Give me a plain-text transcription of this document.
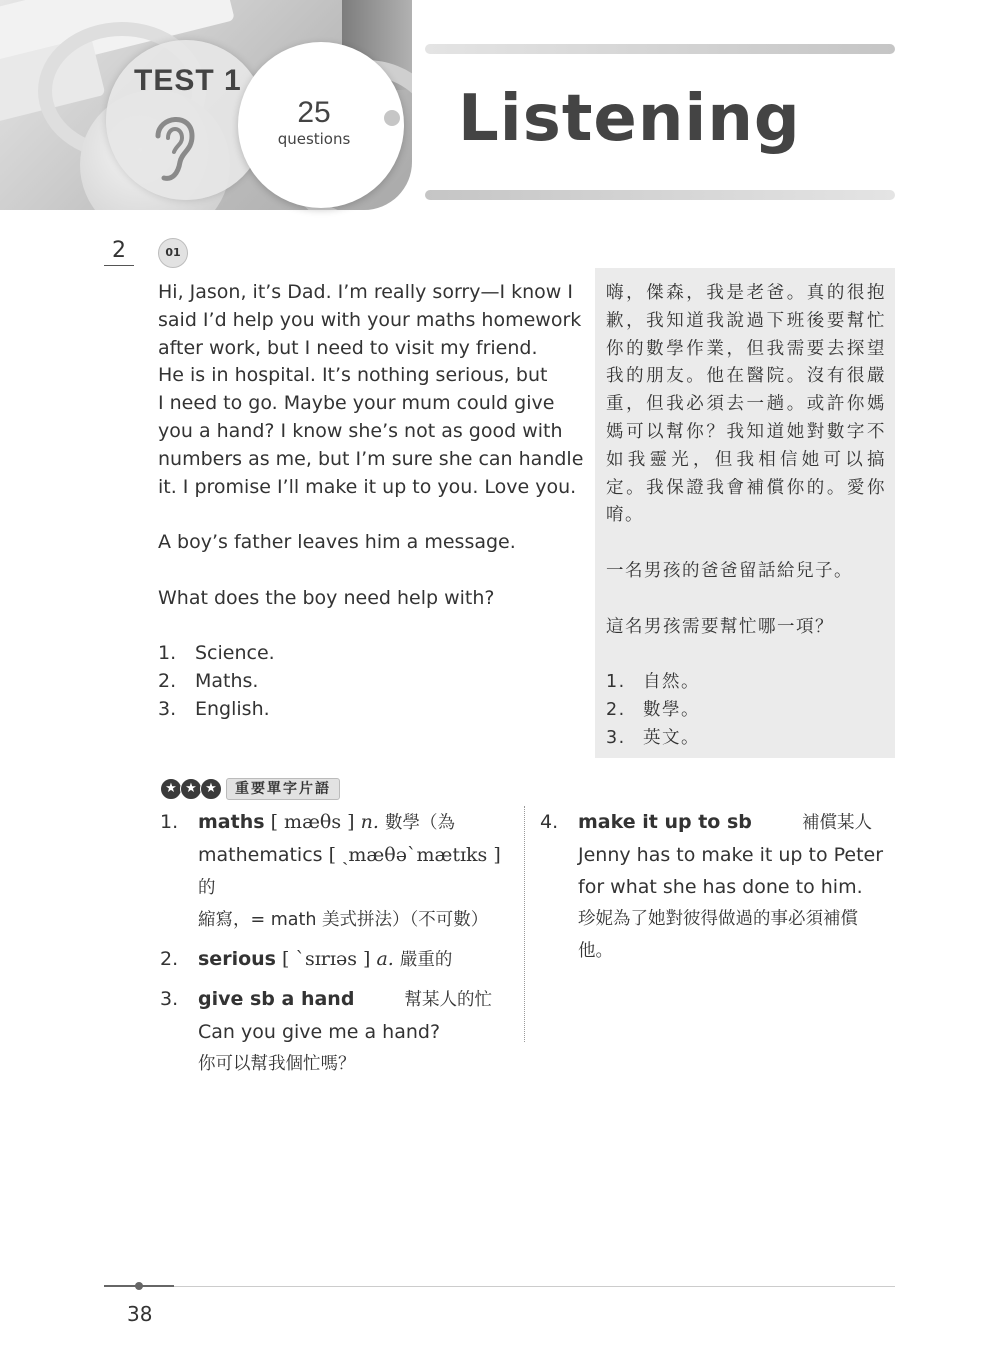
TEST 1
25
questions	Listening
2	01

Hi, Jason, it’s Dad. I’m really sorry—I know I

said I’d help you with your maths homework

after work, but I need to visit my friend.

He is in hospital. It’s nothing serious, but

I need to go. Maybe your mum could give

you a hand? I know she’s not as good with

numbers as me, but I’m sure she can handle

it. I promise I’ll make it up to you. Love you.

A boy’s father leaves him a message.

What does the boy need help with?

1. Science.
2. Maths.
3. English.

嗨，傑森，我是老爸。真的很抱歉，我知道我說過下班後要幫忙你的數學作業，但我需要去探望我的朋友。他在醫院。沒有很嚴重，但我必須去一趟。或許你媽媽可以幫你？我知道她對數字不如我靈光，但我相信她可以搞定。我保證我會補償你的。愛你唷。

一名男孩的爸爸留話給兒子。

這名男孩需要幫忙哪一項？

1. 自然。
2. 數學。
3. 英文。
★ ★ ★	重要單字片語
1.	maths [ mæθs ] n. 數學（為
mathematics [ ˏmæθəˋmætɪks ] 的
縮寫，= math 美式拼法）（不可數）
2.	serious [ ˋsɪrɪəs ] a. 嚴重的
3.	give sb a hand	幫某人的忙
Can you give me a hand?
你可以幫我個忙嗎？
4.	make it up to sb	補償某人
Jenny has to make it up to Peter
for what she has done to him.
珍妮為了她對彼得做過的事必須補償
他。
38
